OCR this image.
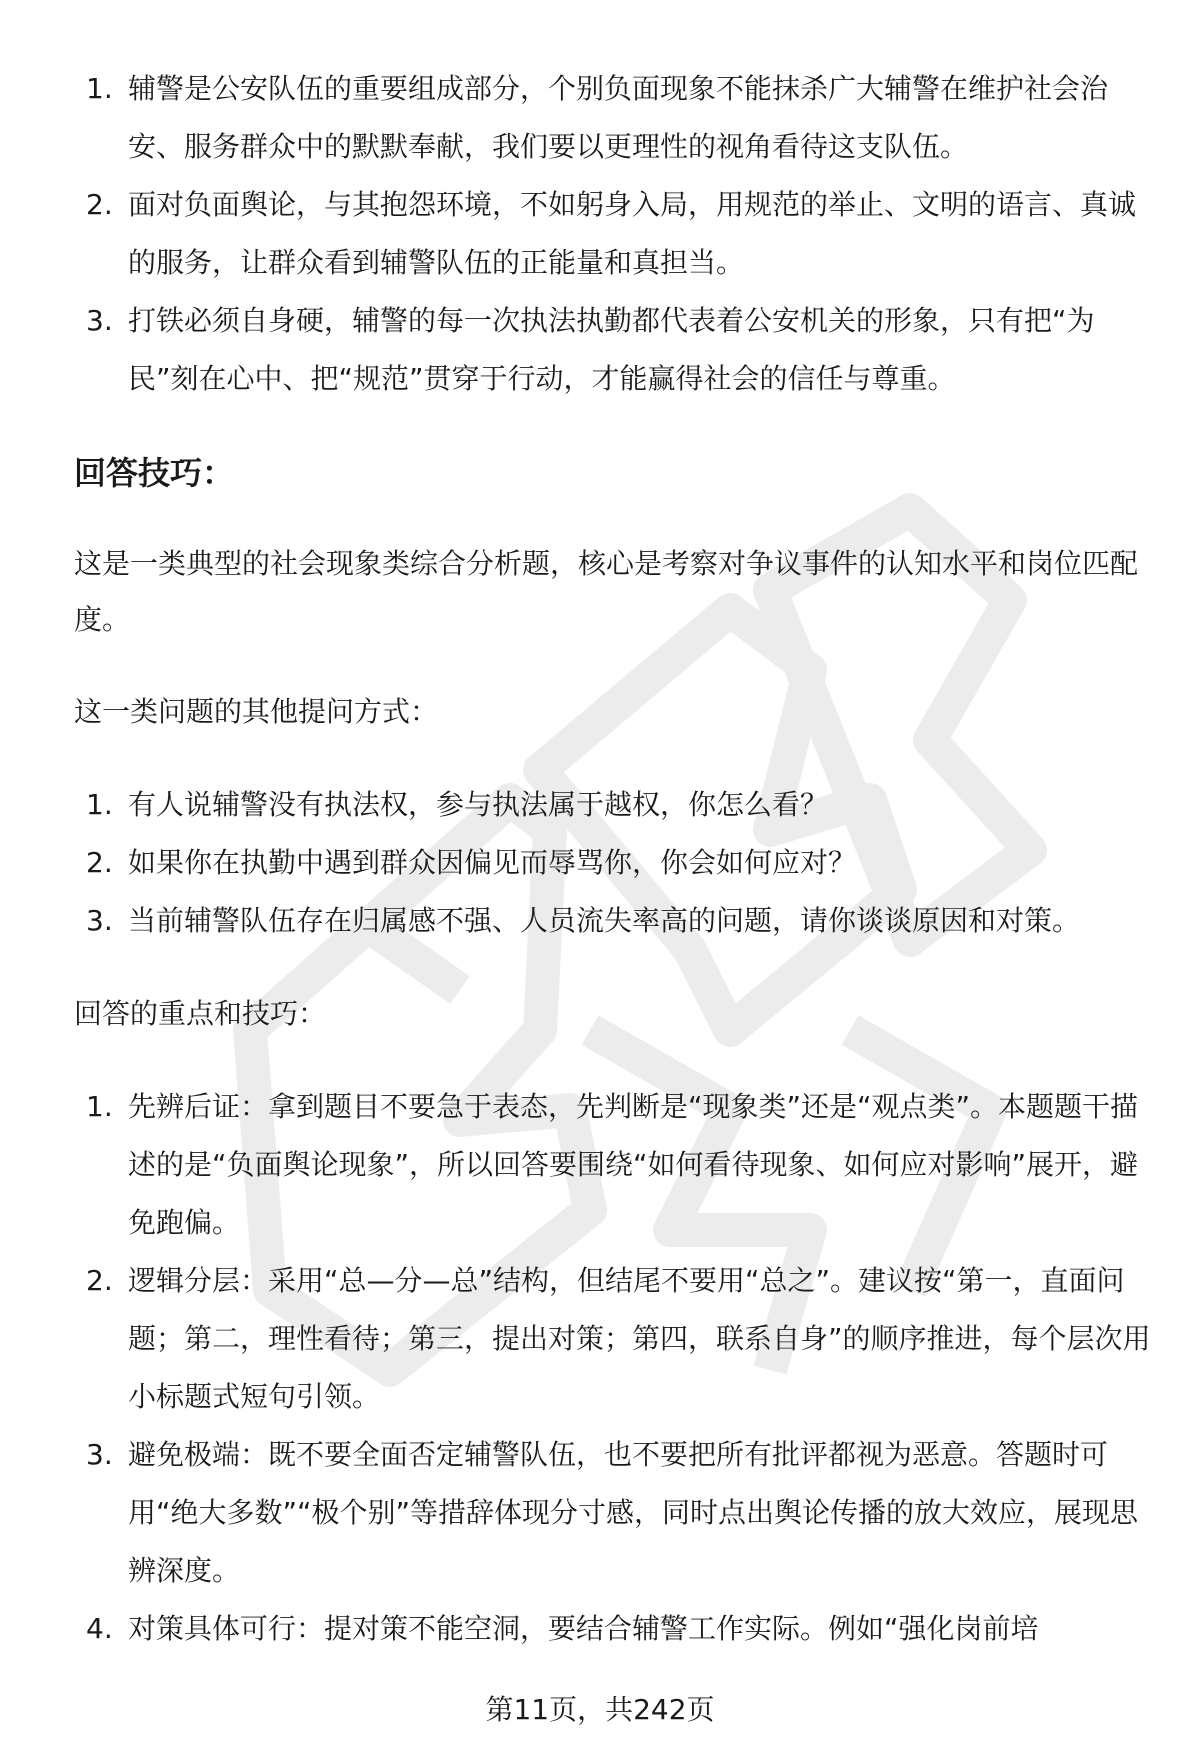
1. 辅警是公安队伍的重要组成部分，个别负面现象不能抹杀广大辅警在维护社会治安、服务群众中的默默奉献，我们要以更理性的视角看待这支队伍。
2. 面对负面舆论，与其抱怨环境，不如躬身入局，用规范的举止、文明的语言、真诚的服务，让群众看到辅警队伍的正能量和真担当。
3. 打铁必须自身硬，辅警的每一次执法执勤都代表着公安机关的形象，只有把“为民”刻在心中、把“规范”贯穿于行动，才能赢得社会的信任与尊重。
回答技巧：

这是一类典型的社会现象类综合分析题，核心是考察对争议事件的认知水平和岗位匹配度。

这一类问题的其他提问方式：

1. 有人说辅警没有执法权，参与执法属于越权，你怎么看？
2. 如果你在执勤中遇到群众因偏见而辱骂你，你会如何应对？
3. 当前辅警队伍存在归属感不强、人员流失率高的问题，请你谈谈原因和对策。

回答的重点和技巧：

1. 先辨后证：拿到题目不要急于表态，先判断是“现象类”还是“观点类”。本题题干描述的是“负面舆论现象”，所以回答要围绕“如何看待现象、如何应对影响”展开，避免跑偏。
2. 逻辑分层：采用“总—分—总”结构，但结尾不要用“总之”。建议按“第一，直面问题；第二，理性看待；第三，提出对策；第四，联系自身”的顺序推进，每个层次用小标题式短句引领。
3. 避免极端：既不要全面否定辅警队伍，也不要把所有批评都视为恶意。答题时可用“绝大多数”“极个别”等措辞体现分寸感，同时点出舆论传播的放大效应，展现思辨深度。
4. 对策具体可行：提对策不能空洞，要结合辅警工作实际。例如“强化岗前培
第11页，共242页
